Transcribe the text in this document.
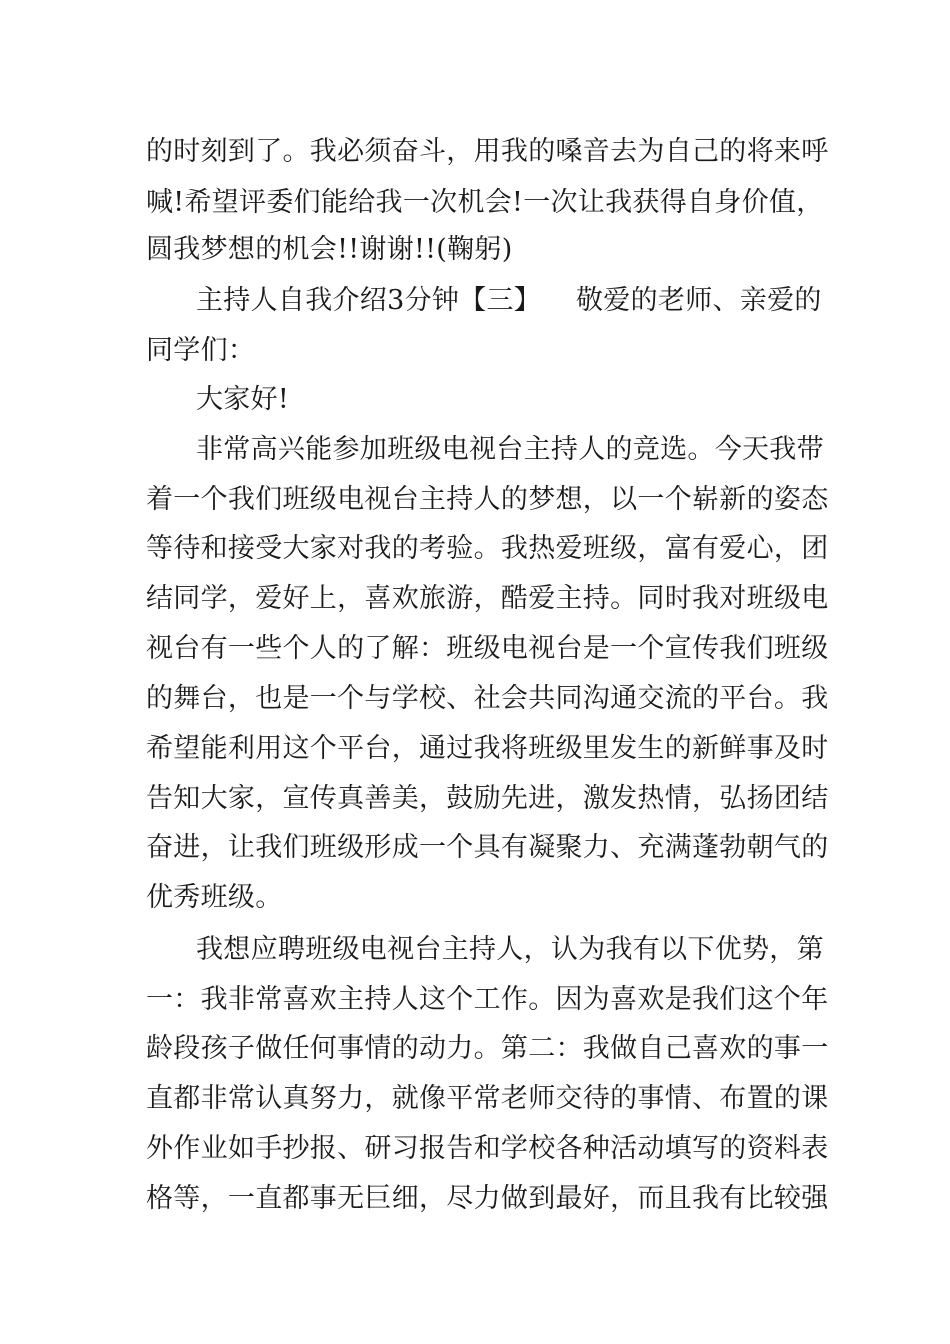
的时刻到了。我必须奋斗，用我的嗓音去为自己的将来呼
喊!希望评委们能给我一次机会!一次让我获得自身价值，
圆我梦想的机会!!谢谢!!(鞠躬)
主持人自我介绍3分钟【三】 敬爱的老师、亲爱的
同学们：
大家好!
非常高兴能参加班级电视台主持人的竞选。今天我带
着一个我们班级电视台主持人的梦想，以一个崭新的姿态
等待和接受大家对我的考验。我热爱班级，富有爱心，团
结同学，爱好上，喜欢旅游，酷爱主持。同时我对班级电
视台有一些个人的了解：班级电视台是一个宣传我们班级
的舞台，也是一个与学校、社会共同沟通交流的平台。我
希望能利用这个平台，通过我将班级里发生的新鲜事及时
告知大家，宣传真善美，鼓励先进，激发热情，弘扬团结
奋进，让我们班级形成一个具有凝聚力、充满蓬勃朝气的
优秀班级。
我想应聘班级电视台主持人，认为我有以下优势，第
一：我非常喜欢主持人这个工作。因为喜欢是我们这个年
龄段孩子做任何事情的动力。第二：我做自己喜欢的事一
直都非常认真努力，就像平常老师交待的事情、布置的课
外作业如手抄报、研习报告和学校各种活动填写的资料表
格等，一直都事无巨细，尽力做到最好，而且我有比较强
